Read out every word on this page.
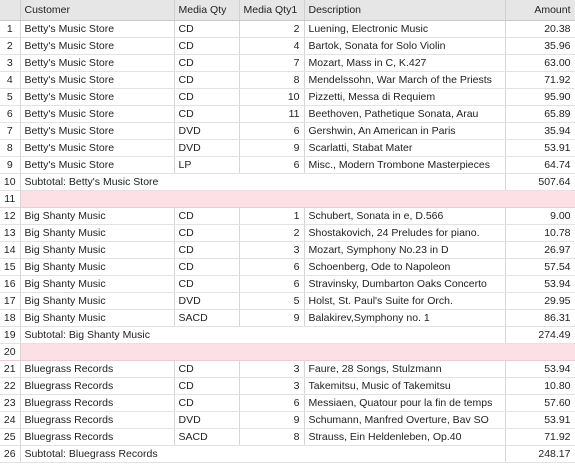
	Customer	Media Qty	Media Qty1	Description	Amount
1	Betty's Music Store	CD	2	Luening, Electronic Music	20.38
2	Betty's Music Store	CD	4	Bartok, Sonata for Solo Violin	35.96
3	Betty's Music Store	CD	7	Mozart, Mass in C, K.427	63.00
4	Betty's Music Store	CD	8	Mendelssohn, War March of the Priests	71.92
5	Betty's Music Store	CD	10	Pizzetti, Messa di Requiem	95.90
6	Betty's Music Store	CD	11	Beethoven, Pathetique Sonata, Arau	65.89
7	Betty's Music Store	DVD	6	Gershwin, An American in Paris	35.94
8	Betty's Music Store	DVD	9	Scarlatti, Stabat Mater	53.91
9	Betty's Music Store	LP	6	Misc., Modern Trombone Masterpieces	64.74
10	Subtotal: Betty's Music Store				507.64
11					
12	Big Shanty Music	CD	1	Schubert, Sonata in e, D.566	9.00
13	Big Shanty Music	CD	2	Shostakovich, 24 Preludes for piano.	10.78
14	Big Shanty Music	CD	3	Mozart, Symphony No.23 in D	26.97
15	Big Shanty Music	CD	6	Schoenberg, Ode to Napoleon	57.54
16	Big Shanty Music	CD	6	Stravinsky, Dumbarton Oaks Concerto	53.94
17	Big Shanty Music	DVD	5	Holst, St. Paul's Suite for Orch.	29.95
18	Big Shanty Music	SACD	9	Balakirev,Symphony no. 1	86.31
19	Subtotal: Big Shanty Music				274.49
20					
21	Bluegrass Records	CD	3	Faure, 28 Songs, Stulzmann	53.94
22	Bluegrass Records	CD	3	Takemitsu, Music of Takemitsu	10.80
23	Bluegrass Records	CD	6	Messiaen, Quatour pour la fin de temps	57.60
24	Bluegrass Records	DVD	9	Schumann, Manfred Overture, Bav SO	53.91
25	Bluegrass Records	SACD	8	Strauss, Ein Heldenleben, Op.40	71.92
26	Subtotal: Bluegrass Records				248.17
